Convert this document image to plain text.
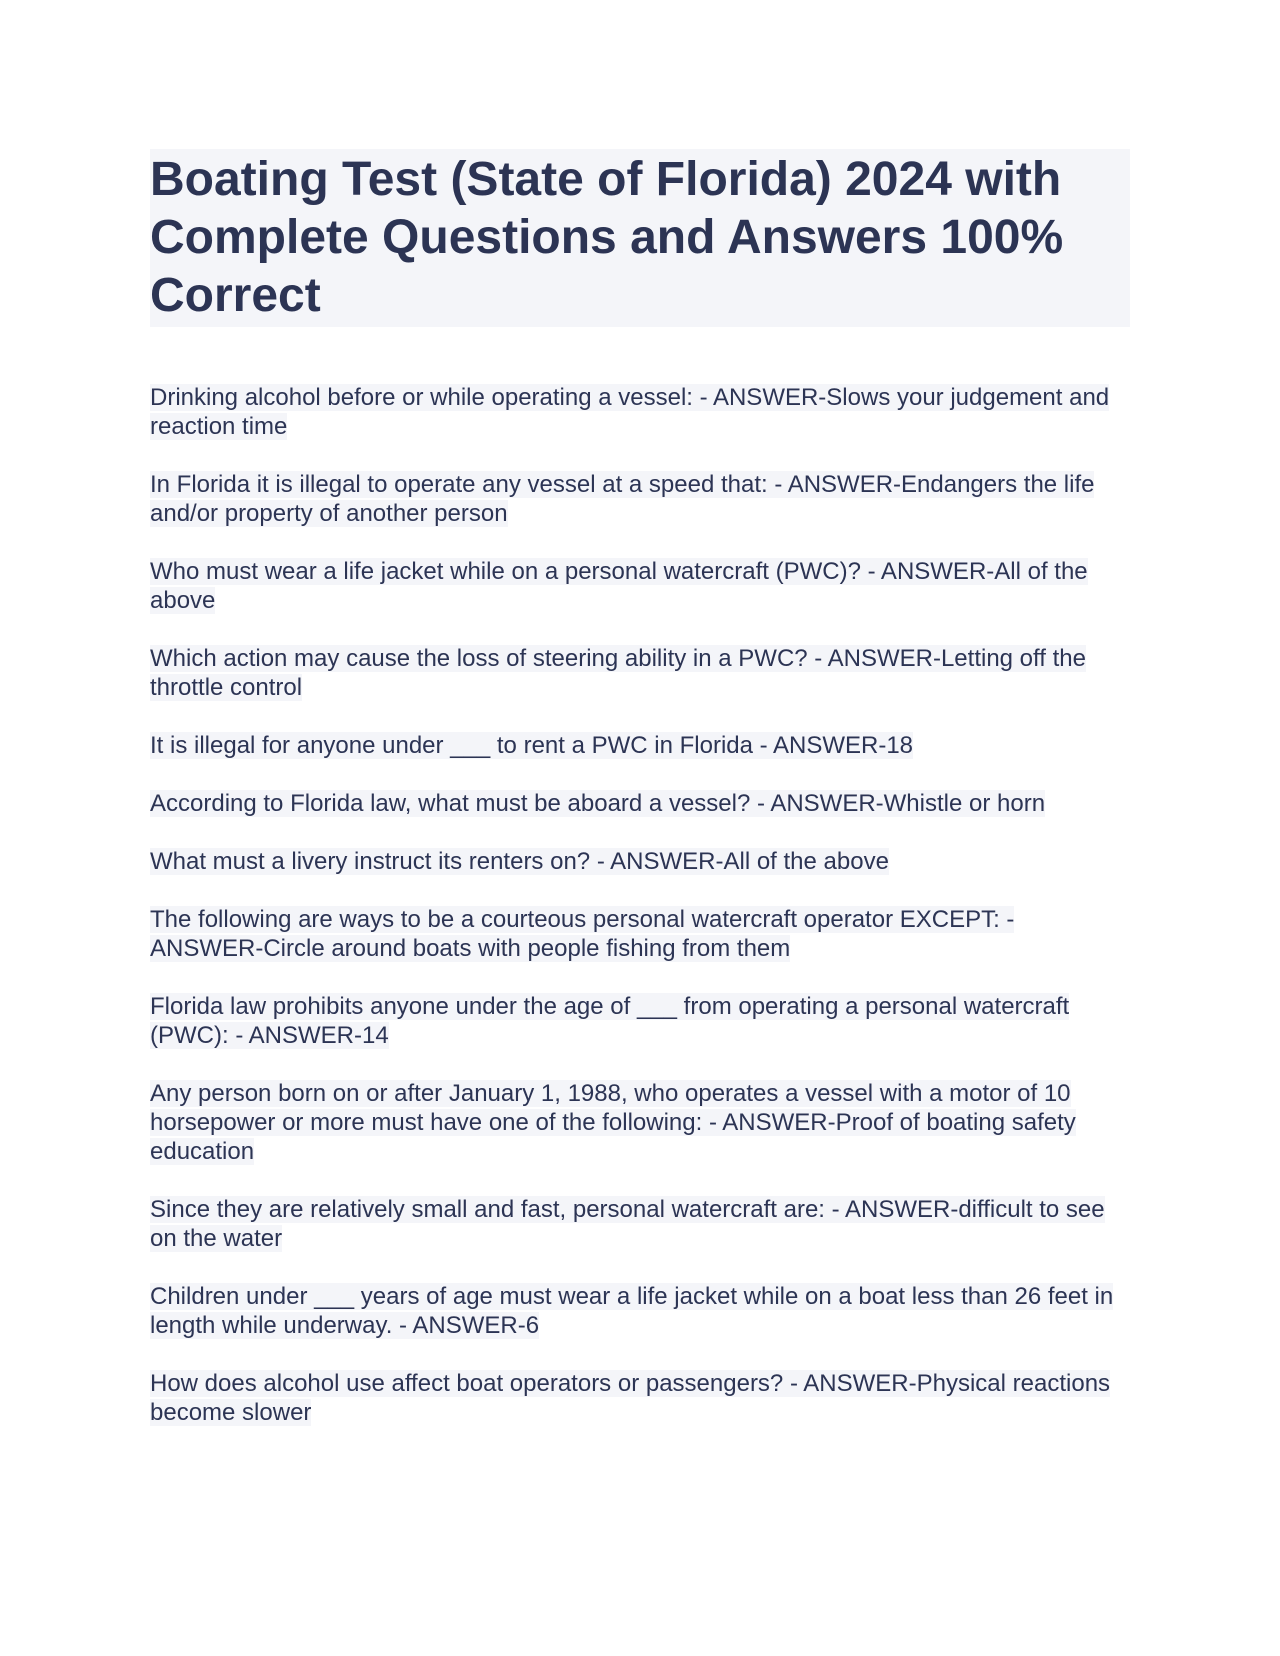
Boating Test (State of Florida) 2024 with Complete Questions and Answers 100% Correct

Drinking alcohol before or while operating a vessel: - ANSWER-Slows your judgement and reaction time

In Florida it is illegal to operate any vessel at a speed that: - ANSWER-Endangers the life and/or property of another person

Who must wear a life jacket while on a personal watercraft (PWC)? - ANSWER-All of the above

Which action may cause the loss of steering ability in a PWC? - ANSWER-Letting off the throttle control

It is illegal for anyone under ___ to rent a PWC in Florida - ANSWER-18

According to Florida law, what must be aboard a vessel? - ANSWER-Whistle or horn

What must a livery instruct its renters on? - ANSWER-All of the above

The following are ways to be a courteous personal watercraft operator EXCEPT: - ANSWER-Circle around boats with people fishing from them

Florida law prohibits anyone under the age of ___ from operating a personal watercraft (PWC): - ANSWER-14

Any person born on or after January 1, 1988, who operates a vessel with a motor of 10 horsepower or more must have one of the following: - ANSWER-Proof of boating safety education

Since they are relatively small and fast, personal watercraft are: - ANSWER-difficult to see on the water

Children under ___ years of age must wear a life jacket while on a boat less than 26 feet in length while underway. - ANSWER-6

How does alcohol use affect boat operators or passengers? - ANSWER-Physical reactions become slower
